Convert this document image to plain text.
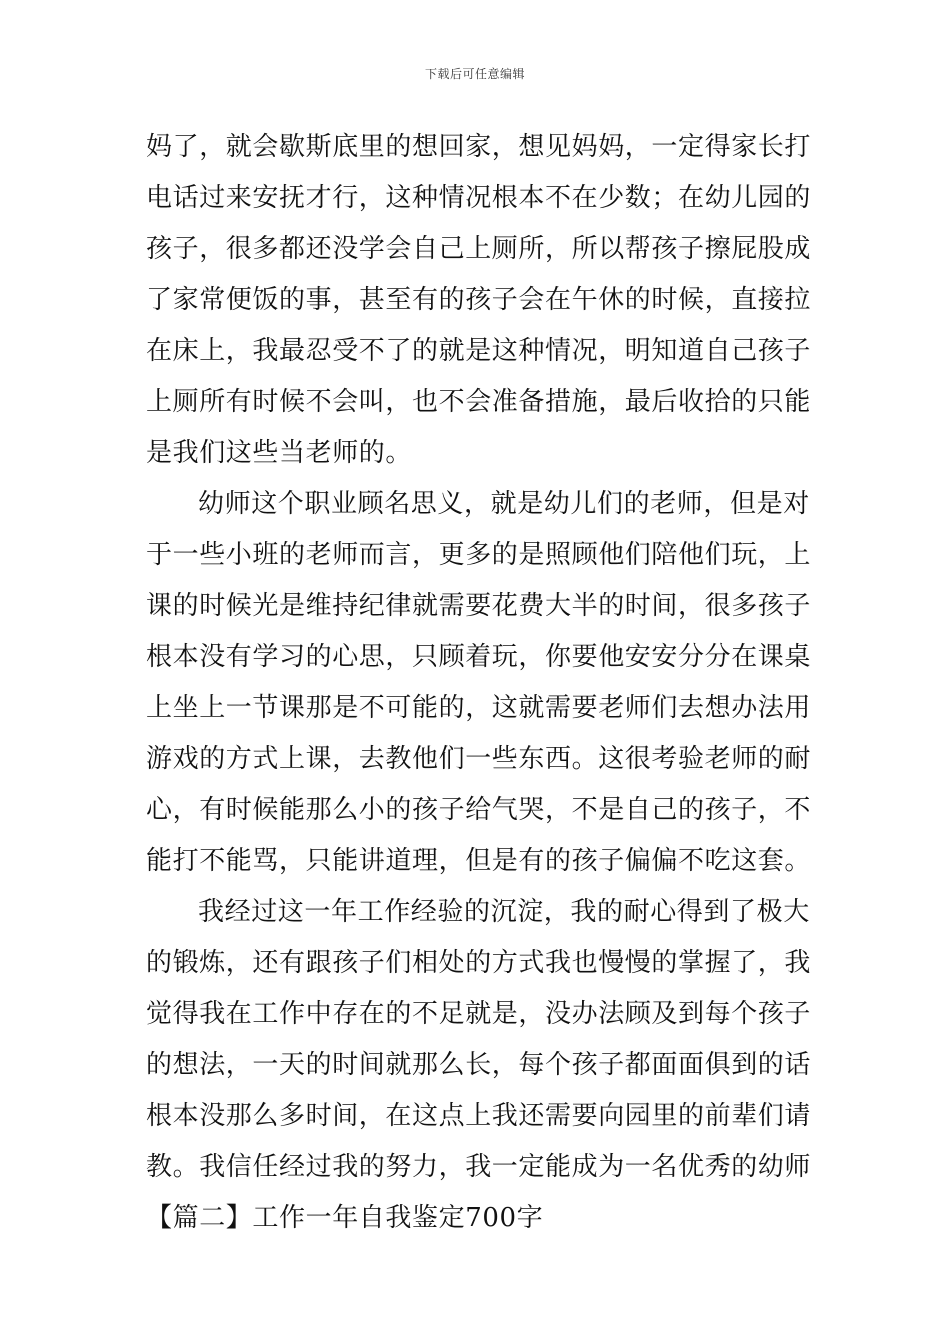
下载后可任意编辑
妈了，就会歇斯底里的想回家，想见妈妈，一定得家长打
电话过来安抚才行，这种情况根本不在少数；在幼儿园的
孩子，很多都还没学会自己上厕所，所以帮孩子擦屁股成
了家常便饭的事，甚至有的孩子会在午休的时候，直接拉
在床上，我最忍受不了的就是这种情况，明知道自己孩子
上厕所有时候不会叫，也不会准备措施，最后收拾的只能
是我们这些当老师的。
幼师这个职业顾名思义，就是幼儿们的老师，但是对
于一些小班的老师而言，更多的是照顾他们陪他们玩，上
课的时候光是维持纪律就需要花费大半的时间，很多孩子
根本没有学习的心思，只顾着玩，你要他安安分分在课桌
上坐上一节课那是不可能的，这就需要老师们去想办法用
游戏的方式上课，去教他们一些东西。这很考验老师的耐
心，有时候能那么小的孩子给气哭，不是自己的孩子，不
能打不能骂，只能讲道理，但是有的孩子偏偏不吃这套。
我经过这一年工作经验的沉淀，我的耐心得到了极大
的锻炼，还有跟孩子们相处的方式我也慢慢的掌握了，我
觉得我在工作中存在的不足就是，没办法顾及到每个孩子
的想法，一天的时间就那么长，每个孩子都面面俱到的话
根本没那么多时间，在这点上我还需要向园里的前辈们请
教。我信任经过我的努力，我一定能成为一名优秀的幼师
【篇二】工作一年自我鉴定700字
